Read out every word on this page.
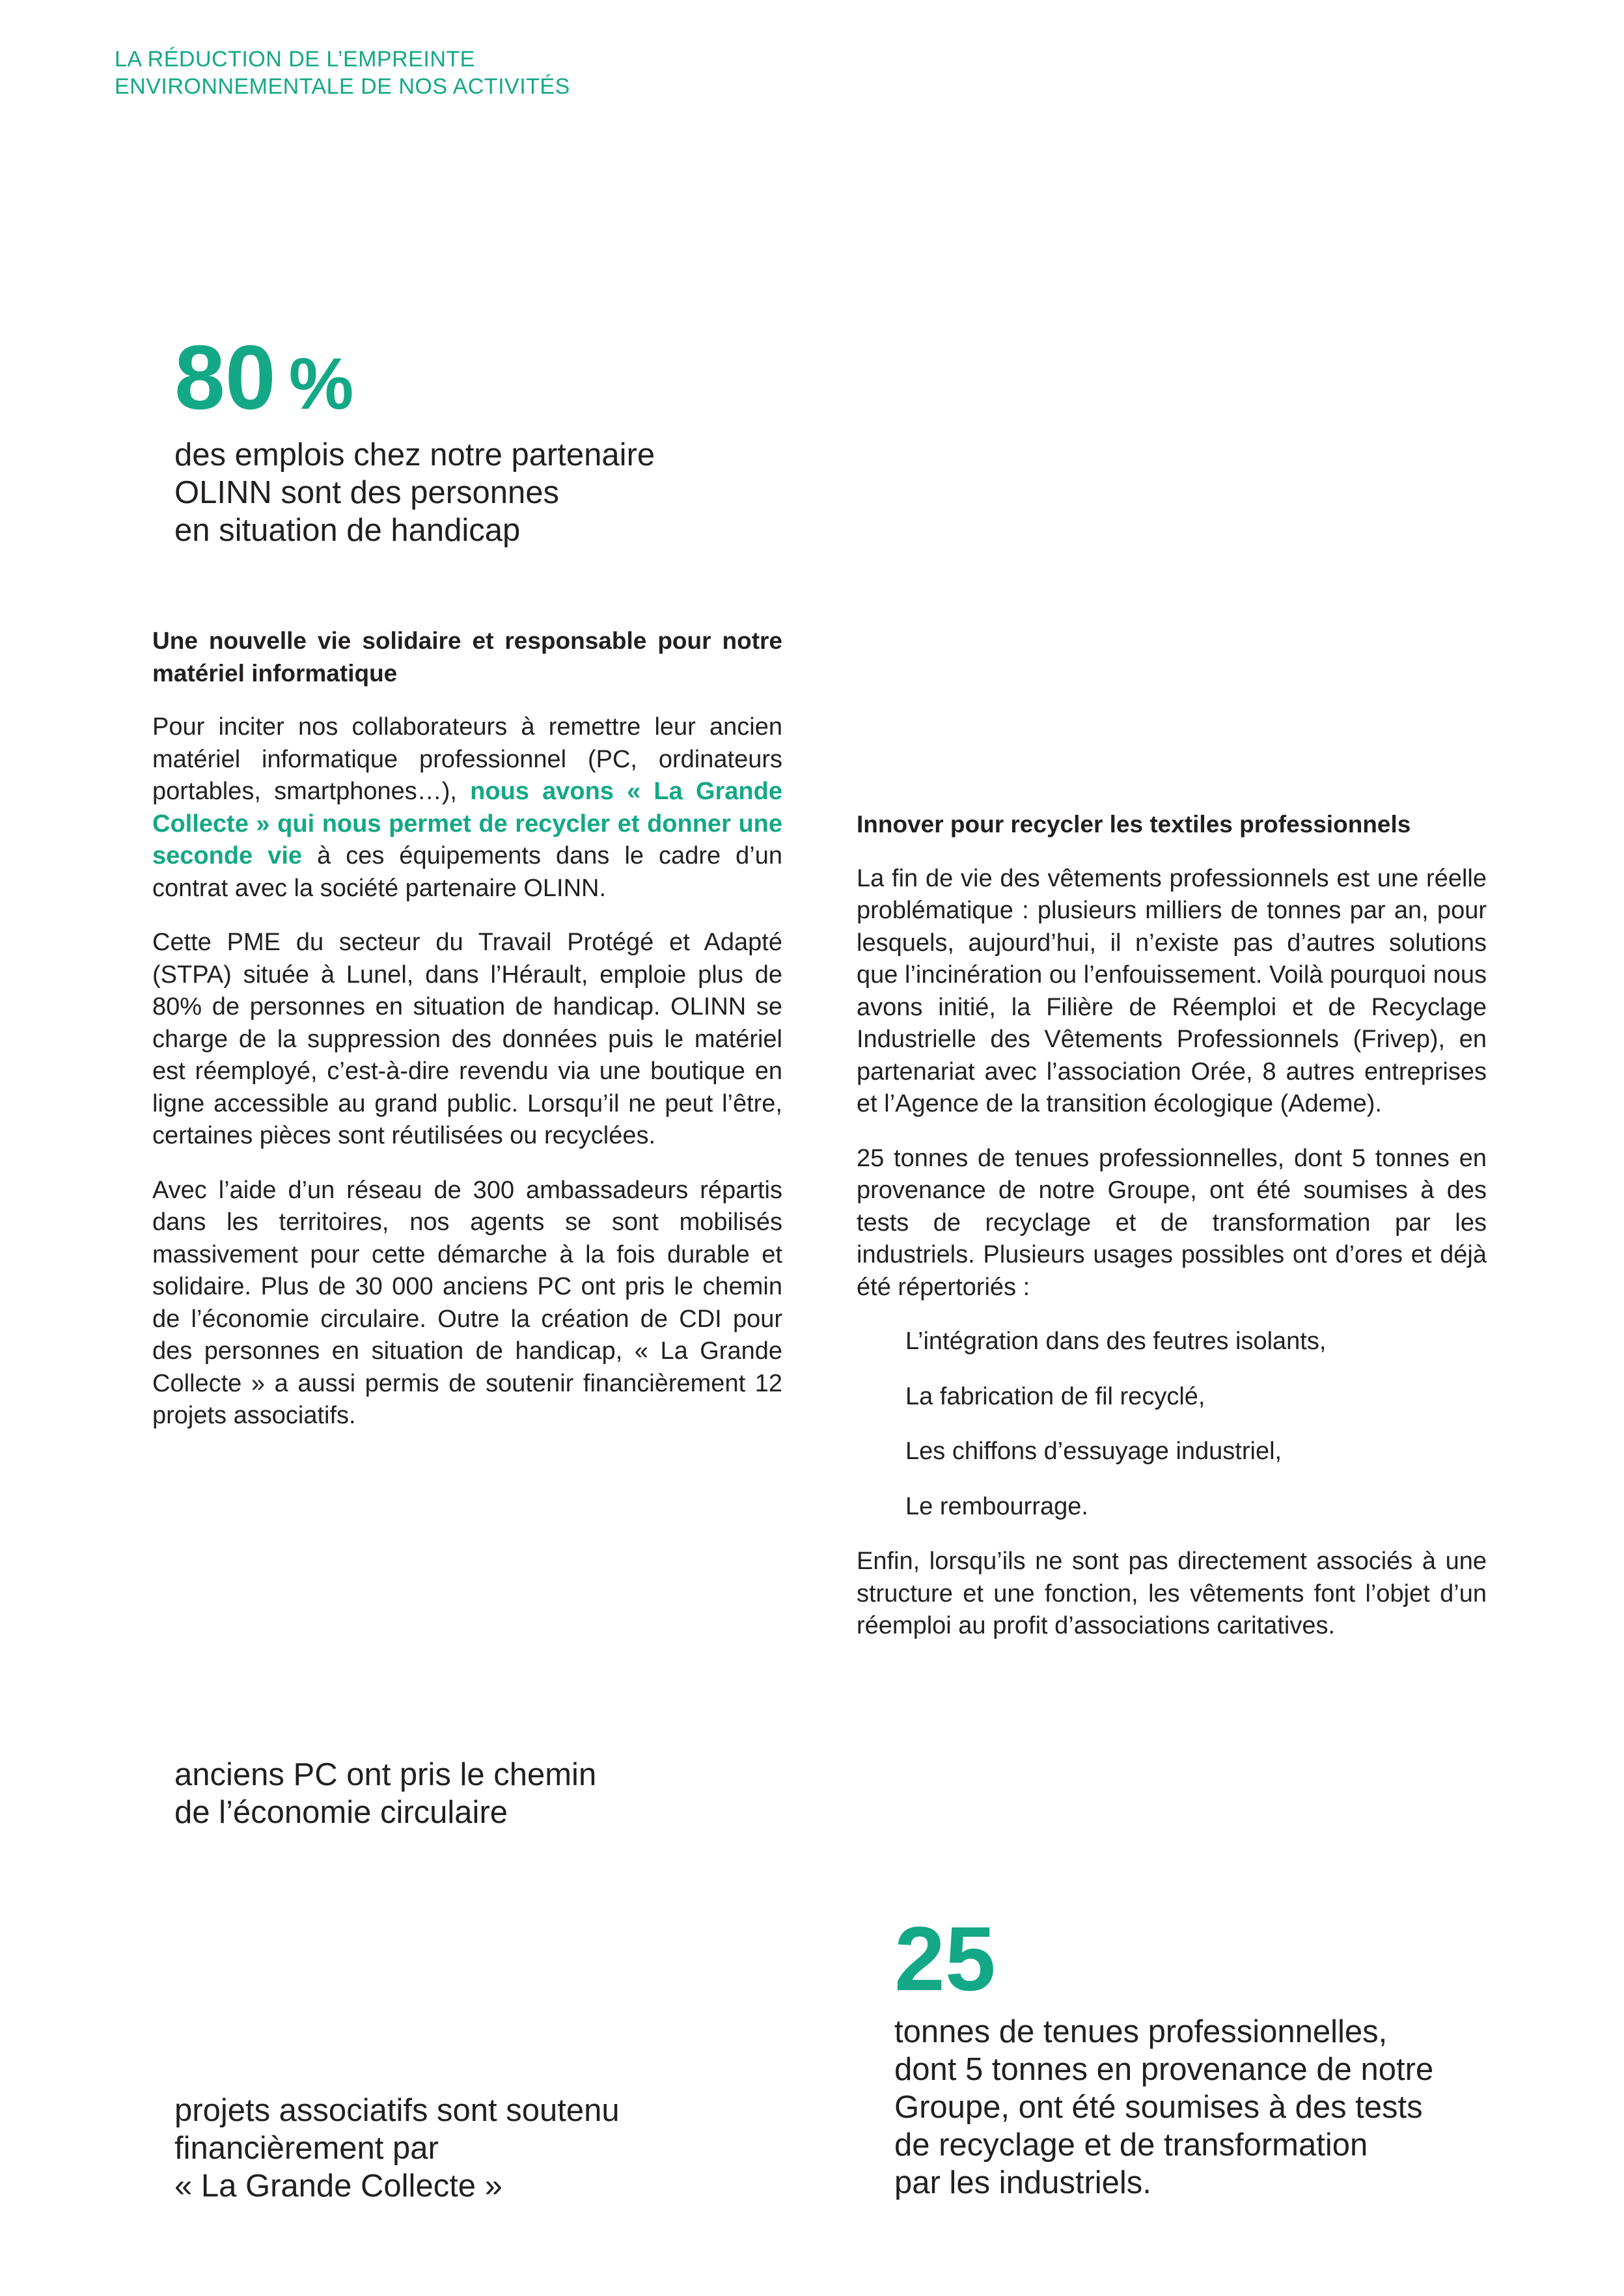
LA RÉDUCTION DE L’EMPREINTE
ENVIRONNEMENTALE DE NOS ACTIVITÉS
80 %
des emplois chez notre partenaire
OLINN sont des personnes
en situation de handicap
Une nouvelle vie solidaire et responsable pour notre matériel informatique

Pour inciter nos collaborateurs à remettre leur ancien matériel informatique professionnel (PC, ordinateurs portables, smartphones…), nous avons « La Grande Collecte » qui nous permet de recycler et donner une seconde vie à ces équipements dans le cadre d’un contrat avec la société partenaire OLINN.

Cette PME du secteur du Travail Protégé et Adapté (STPA) située à Lunel, dans l’Hérault, emploie plus de 80% de personnes en situation de handicap. OLINN se charge de la suppression des données puis le matériel est réemployé, c’est-à-dire revendu via une boutique en ligne accessible au grand public. Lorsqu’il ne peut l’être, certaines pièces sont réutilisées ou recyclées.

Avec l’aide d’un réseau de 300 ambassadeurs répartis dans les territoires, nos agents se sont mobilisés massivement pour cette démarche à la fois durable et solidaire. Plus de 30 000 anciens PC ont pris le chemin de l’économie circulaire. Outre la création de CDI pour des personnes en situation de handicap, « La Grande Collecte » a aussi permis de soutenir financièrement 12 projets associatifs.

Innover pour recycler les textiles professionnels

La fin de vie des vêtements professionnels est une réelle problématique : plusieurs milliers de tonnes par an, pour lesquels, aujourd’hui, il n’existe pas d’autres solutions que l’incinération ou l’enfouissement. Voilà pourquoi nous avons initié, la Filière de Réemploi et de Recyclage Industrielle des Vêtements Professionnels (Frivep), en partenariat avec l’association Orée, 8 autres entreprises et l’Agence de la transition écologique (Ademe).

25 tonnes de tenues professionnelles, dont 5 tonnes en provenance de notre Groupe, ont été soumises à des tests de recyclage et de transformation par les industriels. Plusieurs usages possibles ont d’ores et déjà été répertoriés :

L’intégration dans des feutres isolants,
La fabrication de fil recyclé,
Les chiffons d’essuyage industriel,
Le rembourrage.

Enfin, lorsqu’ils ne sont pas directement associés à une structure et une fonction, les vêtements font l’objet d’un réemploi au profit d’associations caritatives.

anciens PC ont pris le chemin
de l’économie circulaire
projets associatifs sont soutenu
financièrement par
« La Grande Collecte »
25
tonnes de tenues professionnelles,
dont 5 tonnes en provenance de notre
Groupe, ont été soumises à des tests
de recyclage et de transformation
par les industriels.
